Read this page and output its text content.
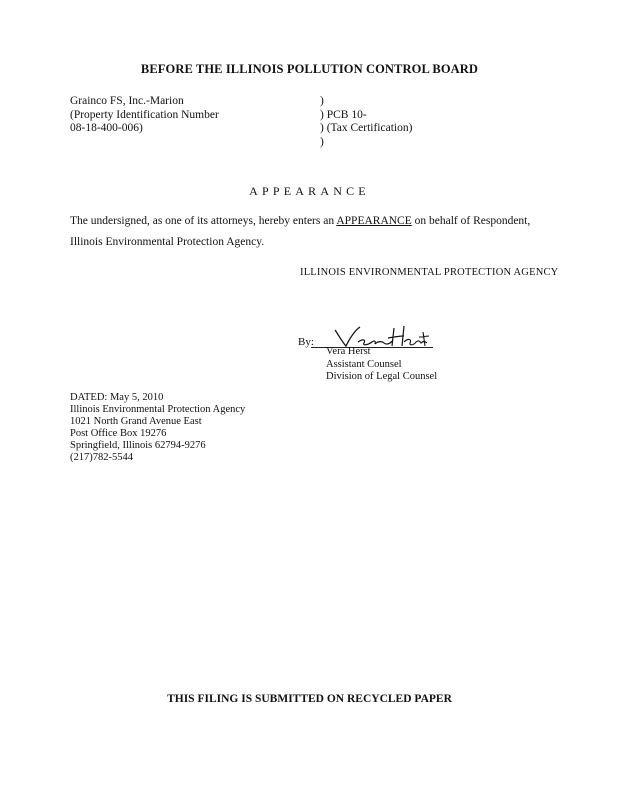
BEFORE THE ILLINOIS POLLUTION CONTROL BOARD
Grainco FS, Inc.-Marion
(Property Identification Number
08-18-400-006)
)
) PCB 10-
) (Tax Certification)
)
APPEARANCE
The undersigned, as one of its attorneys, hereby enters an APPEARANCE on behalf of Respondent,
Illinois Environmental Protection Agency.
ILLINOIS ENVIRONMENTAL PROTECTION AGENCY
By:
Vera Herst
Assistant Counsel
Division of Legal Counsel
DATED: May 5, 2010
Illinois Environmental Protection Agency
1021 North Grand Avenue East
Post Office Box 19276
Springfield, Illinois 62794-9276
(217)782-5544
THIS FILING IS SUBMITTED ON RECYCLED PAPER
